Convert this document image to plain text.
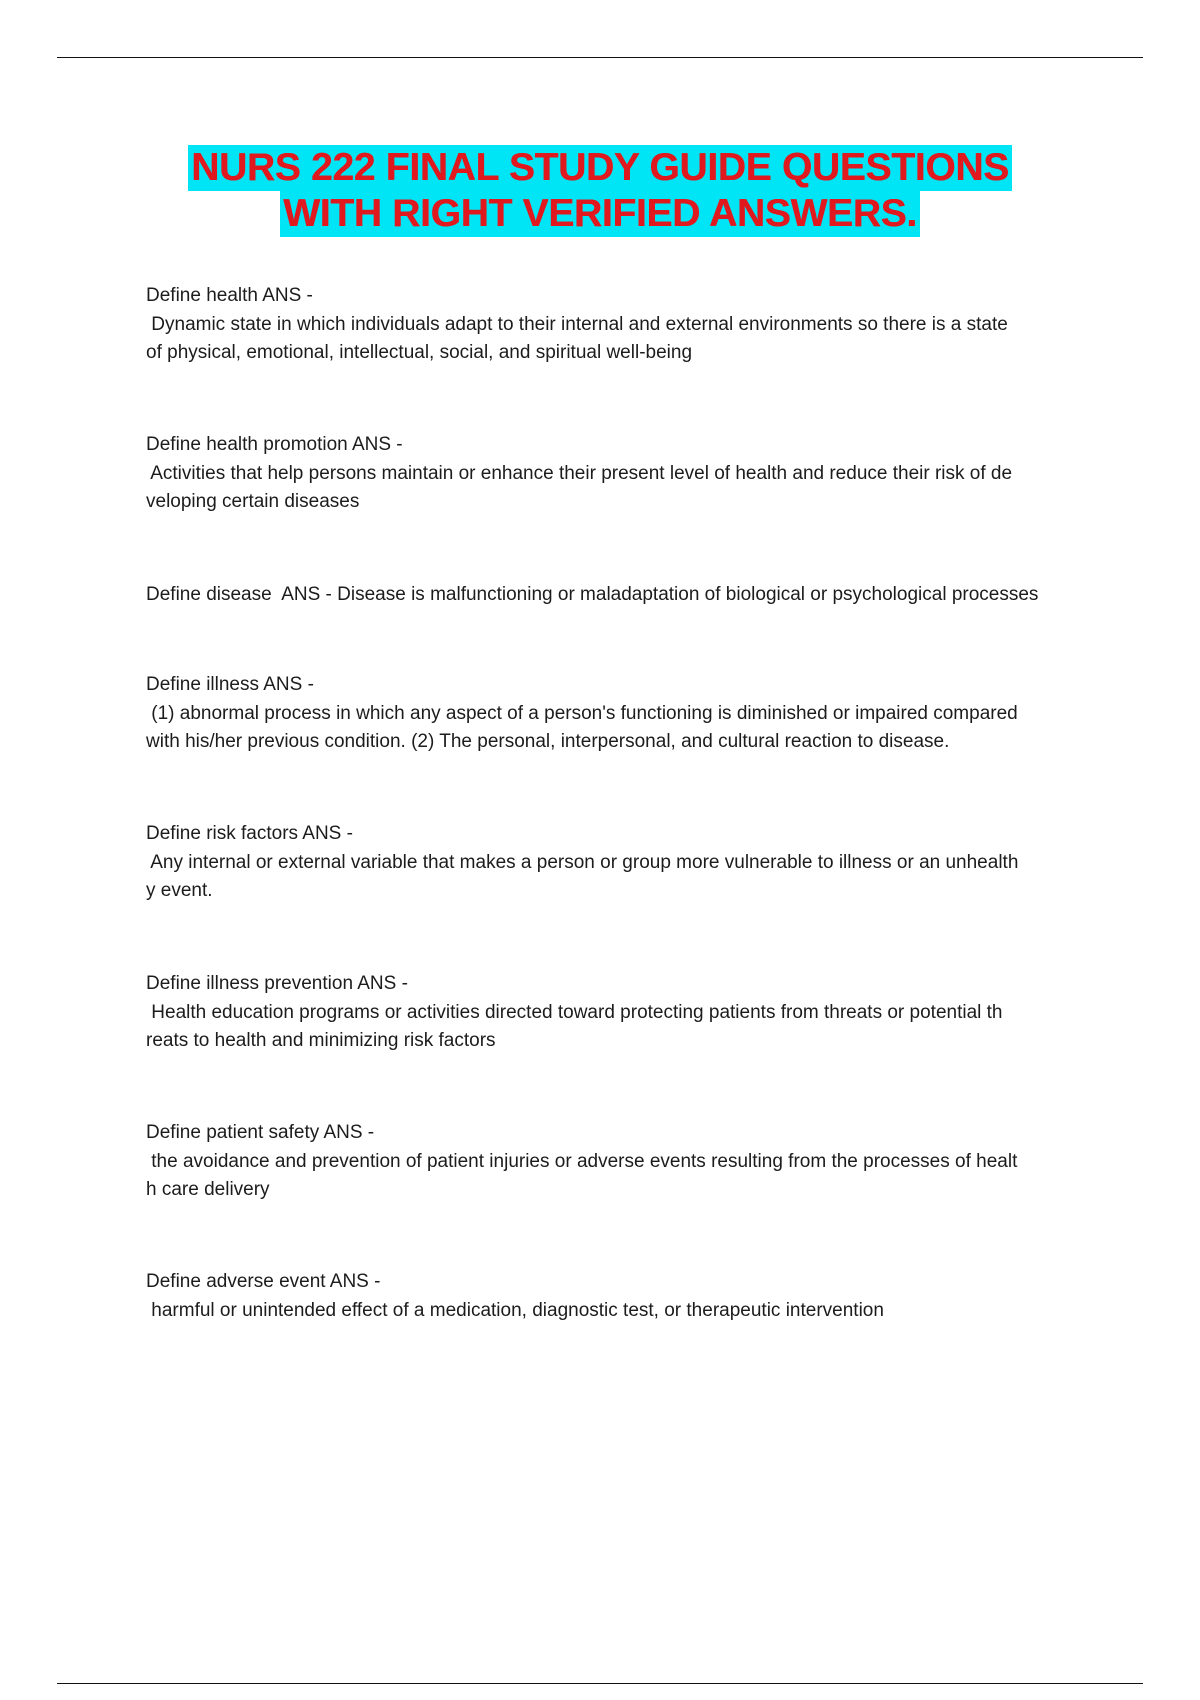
NURS 222 FINAL STUDY GUIDE QUESTIONS
WITH RIGHT VERIFIED ANSWERS.
Define health ANS -
Dynamic state in which individuals adapt to their internal and external environments so there is a state
of physical, emotional, intellectual, social, and spiritual well-being
Define health promotion ANS -
Activities that help persons maintain or enhance their present level of health and reduce their risk of de
veloping certain diseases
Define disease  ANS - Disease is malfunctioning or maladaptation of biological or psychological processes
Define illness ANS -
(1) abnormal process in which any aspect of a person's functioning is diminished or impaired compared
with his/her previous condition. (2) The personal, interpersonal, and cultural reaction to disease.
Define risk factors ANS -
Any internal or external variable that makes a person or group more vulnerable to illness or an unhealth
y event.
Define illness prevention ANS -
Health education programs or activities directed toward protecting patients from threats or potential th
reats to health and minimizing risk factors
Define patient safety ANS -
the avoidance and prevention of patient injuries or adverse events resulting from the processes of healt
h care delivery
Define adverse event ANS -
harmful or unintended effect of a medication, diagnostic test, or therapeutic intervention
